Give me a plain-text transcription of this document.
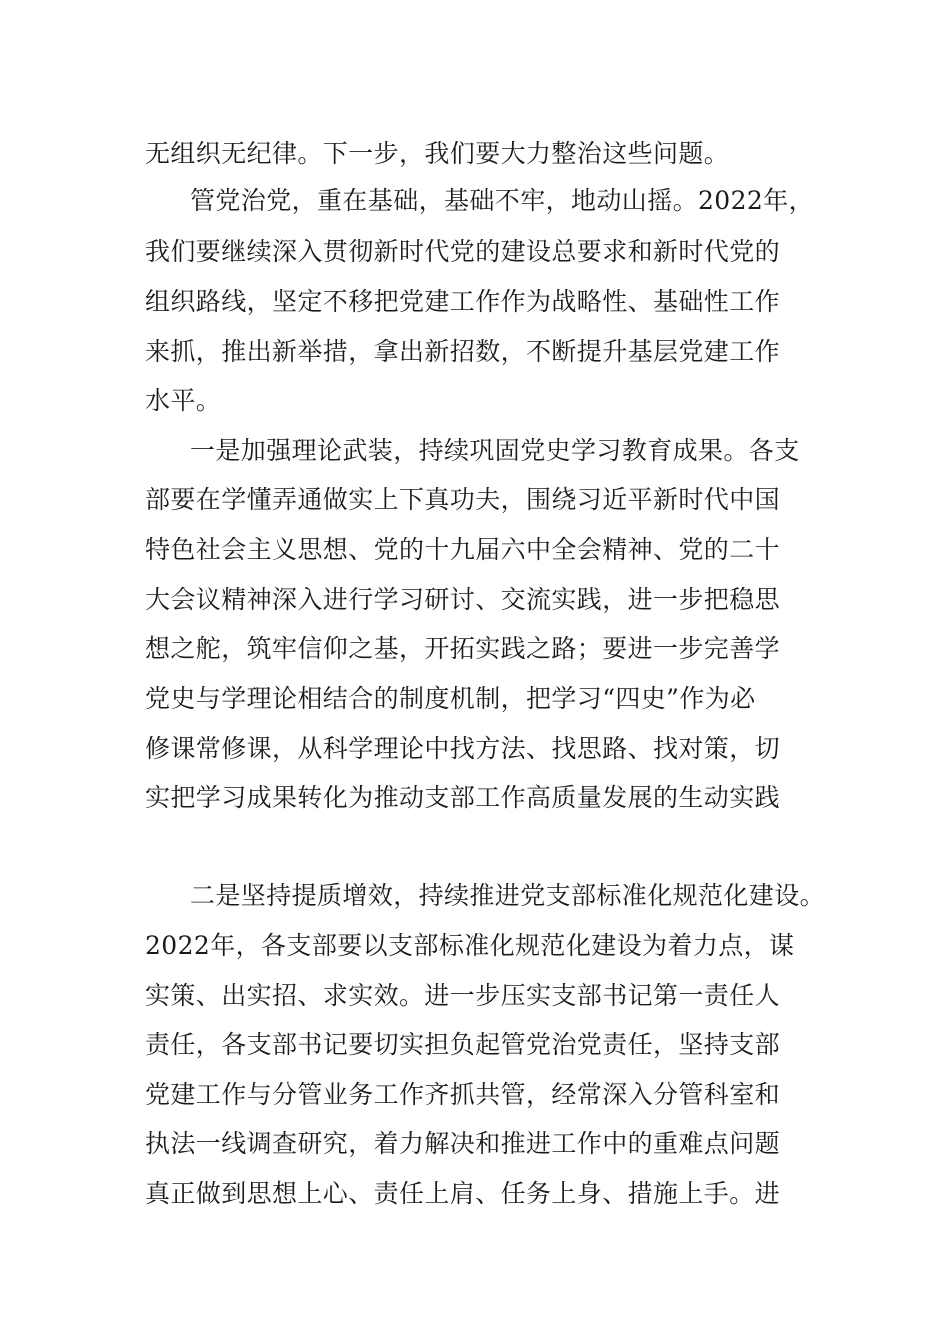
无组织无纪律。下一步，我们要大力整治这些问题。

管党治党，重在基础，基础不牢，地动山摇。2022年，

我们要继续深入贯彻新时代党的建设总要求和新时代党的

组织路线，坚定不移把党建工作作为战略性、基础性工作

来抓，推出新举措，拿出新招数，不断提升基层党建工作

水平。

一是加强理论武装，持续巩固党史学习教育成果。各支

部要在学懂弄通做实上下真功夫，围绕习近平新时代中国

特色社会主义思想、党的十九届六中全会精神、党的二十

大会议精神深入进行学习研讨、交流实践，进一步把稳思

想之舵，筑牢信仰之基，开拓实践之路；要进一步完善学

党史与学理论相结合的制度机制，把学习“四史”作为必

修课常修课，从科学理论中找方法、找思路、找对策，切

实把学习成果转化为推动支部工作高质量发展的生动实践

二是坚持提质增效，持续推进党支部标准化规范化建设。

2022年，各支部要以支部标准化规范化建设为着力点，谋

实策、出实招、求实效。进一步压实支部书记第一责任人

责任，各支部书记要切实担负起管党治党责任，坚持支部

党建工作与分管业务工作齐抓共管，经常深入分管科室和

执法一线调查研究，着力解决和推进工作中的重难点问题

真正做到思想上心、责任上肩、任务上身、措施上手。进
